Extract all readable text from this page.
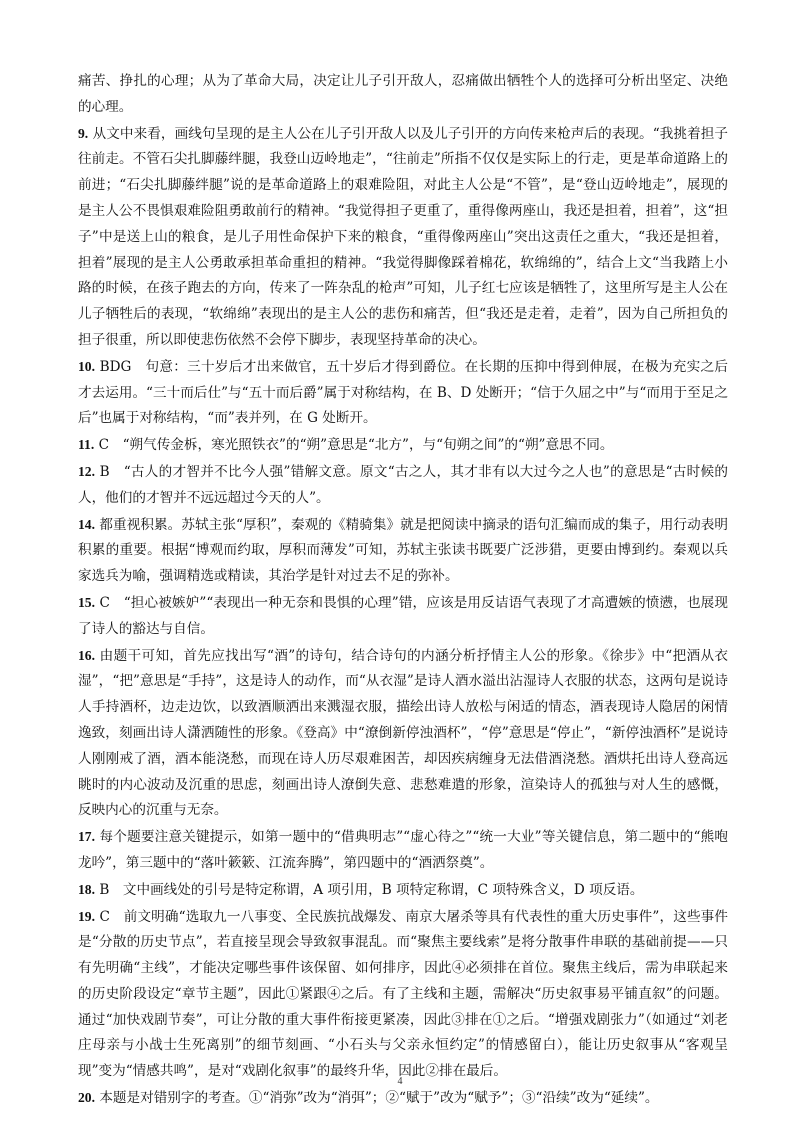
痛苦、挣扎的心理；从为了革命大局，决定让儿子引开敌人，忍痛做出牺牲个人的选择可分析出坚定、决绝的心理。

9. 从文中来看，画线句呈现的是主人公在儿子引开敌人以及儿子引开的方向传来枪声后的表现。“我挑着担子往前走。不管石尖扎脚藤绊腿，我登山迈岭地走”，“往前走”所指不仅仅是实际上的行走，更是革命道路上的前进；“石尖扎脚藤绊腿”说的是革命道路上的艰难险阻，对此主人公是“不管”，是“登山迈岭地走”，展现的是主人公不畏惧艰难险阻勇敢前行的精神。“我觉得担子更重了，重得像两座山，我还是担着，担着”，这“担子”中是送上山的粮食，是儿子用性命保护下来的粮食，“重得像两座山”突出这责任之重大，“我还是担着，担着”展现的是主人公勇敢承担革命重担的精神。“我觉得脚像踩着棉花，软绵绵的”，结合上文“当我踏上小路的时候，在孩子跑去的方向，传来了一阵杂乱的枪声”可知，儿子红七应该是牺牲了，这里所写是主人公在儿子牺牲后的表现，“软绵绵”表现出的是主人公的悲伤和痛苦，但“我还是走着，走着”，因为自己所担负的担子很重，所以即使悲伤依然不会停下脚步，表现坚持革命的决心。

10. BDG　句意：三十岁后才出来做官，五十岁后才得到爵位。在长期的压抑中得到伸展，在极为充实之后才去运用。“三十而后仕”与“五十而后爵”属于对称结构，在 B、D 处断开；“信于久屈之中”与“而用于至足之后”也属于对称结构，“而”表并列，在 G 处断开。

11. C　“朔气传金柝，寒光照铁衣”的“朔”意思是“北方”，与“旬朔之间”的“朔”意思不同。

12. B　“古人的才智并不比今人强”错解文意。原文“古之人，其才非有以大过今之人也”的意思是“古时候的人，他们的才智并不远远超过今天的人”。

14. 都重视积累。苏轼主张“厚积”，秦观的《精骑集》就是把阅读中摘录的语句汇编而成的集子，用行动表明积累的重要。根据“博观而约取，厚积而薄发”可知，苏轼主张读书既要广泛涉猎，更要由博到约。秦观以兵家选兵为喻，强调精选或精读，其治学是针对过去不足的弥补。

15. C　“担心被嫉妒”“表现出一种无奈和畏惧的心理”错，应该是用反诘语气表现了才高遭嫉的愤懑，也展现了诗人的豁达与自信。

16. 由题干可知，首先应找出写“酒”的诗句，结合诗句的内涵分析抒情主人公的形象。《徐步》中“把酒从衣湿”，“把”意思是“手持”，这是诗人的动作，而“从衣湿”是诗人酒水溢出沾湿诗人衣服的状态，这两句是说诗人手持酒杯，边走边饮，以致酒顺洒出来溅湿衣服，描绘出诗人放松与闲适的情态，酒表现诗人隐居的闲情逸致，刻画出诗人潇洒随性的形象。《登高》中“潦倒新停浊酒杯”，“停”意思是“停止”，“新停浊酒杯”是说诗人刚刚戒了酒，酒本能浇愁，而现在诗人历尽艰难困苦，却因疾病缠身无法借酒浇愁。酒烘托出诗人登高远眺时的内心波动及沉重的思虑，刻画出诗人潦倒失意、悲愁难遣的形象，渲染诗人的孤独与对人生的感慨，反映内心的沉重与无奈。

17. 每个题要注意关键提示，如第一题中的“借典明志”“虚心待之”“统一大业”等关键信息，第二题中的“熊咆龙吟”，第三题中的“落叶簌簌、江流奔腾”，第四题中的“酒洒祭奠”。

18. B　文中画线处的引号是特定称谓，A 项引用，B 项特定称谓，C 项特殊含义，D 项反语。

19. C　前文明确“选取九一八事变、全民族抗战爆发、南京大屠杀等具有代表性的重大历史事件”，这些事件是“分散的历史节点”，若直接呈现会导致叙事混乱。而“聚焦主要线索”是将分散事件串联的基础前提——只有先明确“主线”，才能决定哪些事件该保留、如何排序，因此④必须排在首位。聚焦主线后，需为串联起来的历史阶段设定“章节主题”，因此①紧跟④之后。有了主线和主题，需解决“历史叙事易平铺直叙”的问题。通过“加快戏剧节奏”，可让分散的重大事件衔接更紧凑，因此③排在①之后。“增强戏剧张力”（如通过“刘老庄母亲与小战士生死离别”的细节刻画、“小石头与父亲永恒约定”的情感留白），能让历史叙事从“客观呈现”变为“情感共鸣”，是对“戏剧化叙事”的最终升华，因此②排在最后。

20. 本题是对错别字的考查。①“消弥”改为“消弭”；②“赋于”改为“赋予”；③“沿续”改为“延续”。

4
